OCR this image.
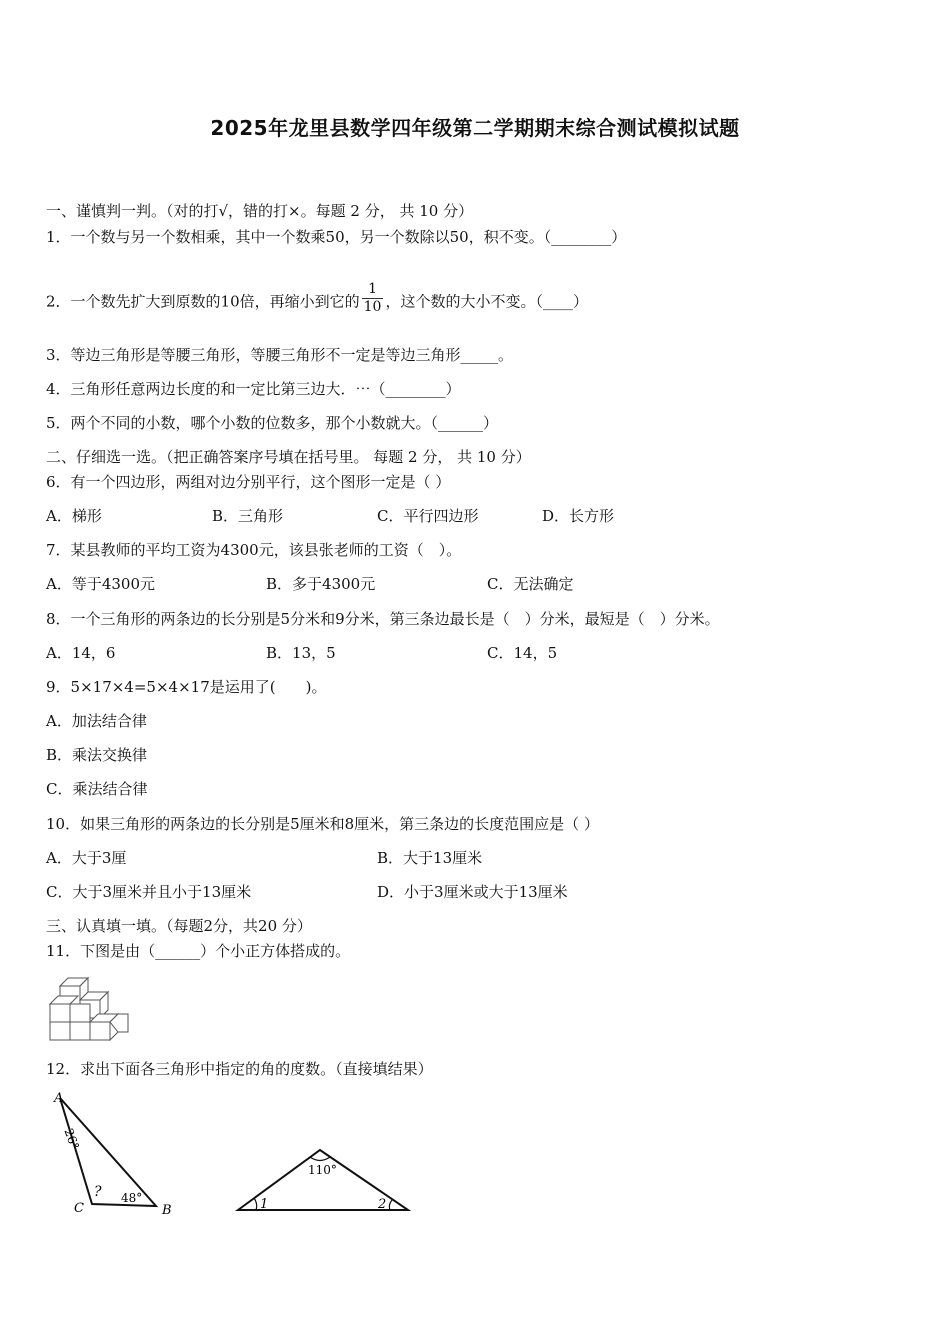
2025年龙里县数学四年级第二学期期末综合测试模拟试题
一、谨慎判一判。（对的打√，错的打×。每题 2 分， 共 10 分）
1．一个数与另一个数相乘，其中一个数乘50，另一个数除以50，积不变。（________）
2．一个数先扩大到原数的10倍，再缩小到它的 $\frac{1}{10}$ ，这个数的大小不变。（____）
3．等边三角形是等腰三角形，等腰三角形不一定是等边三角形_____。
4．三角形任意两边长度的和一定比第三边大．⋯（________）
5．两个不同的小数，哪个小数的位数多，那个小数就大。（______）
二、仔细选一选。（把正确答案序号填在括号里。 每题 2 分， 共 10 分）
6．有一个四边形，两组对边分别平行，这个图形一定是（ ）
A．梯形	B．三角形	C．平行四边形	D．长方形
7．某县教师的平均工资为4300元，该县张老师的工资（　）。
A．等于4300元	B．多于4300元	C．无法确定
8．一个三角形的两条边的长分别是5分米和9分米，第三条边最长是（　）分米，最短是（　）分米。
A．14，6	B．13，5	C．14，5
9．5×17×4=5×4×17是运用了(　　)。
A．加法结合律
B．乘法交换律
C．乘法结合律
10．如果三角形的两条边的长分别是5厘米和8厘米，第三条边的长度范围应是（ ）
A．大于3厘	B．大于13厘米
C．大于3厘米并且小于13厘米	D．小于3厘米或大于13厘米
三、认真填一填。（每题2分，共20 分）
11．下图是由（______）个小正方体搭成的。
12．求出下面各三角形中指定的角的度数。（直接填结果）
A
C	B
26°
48°
?
110°
1	2
